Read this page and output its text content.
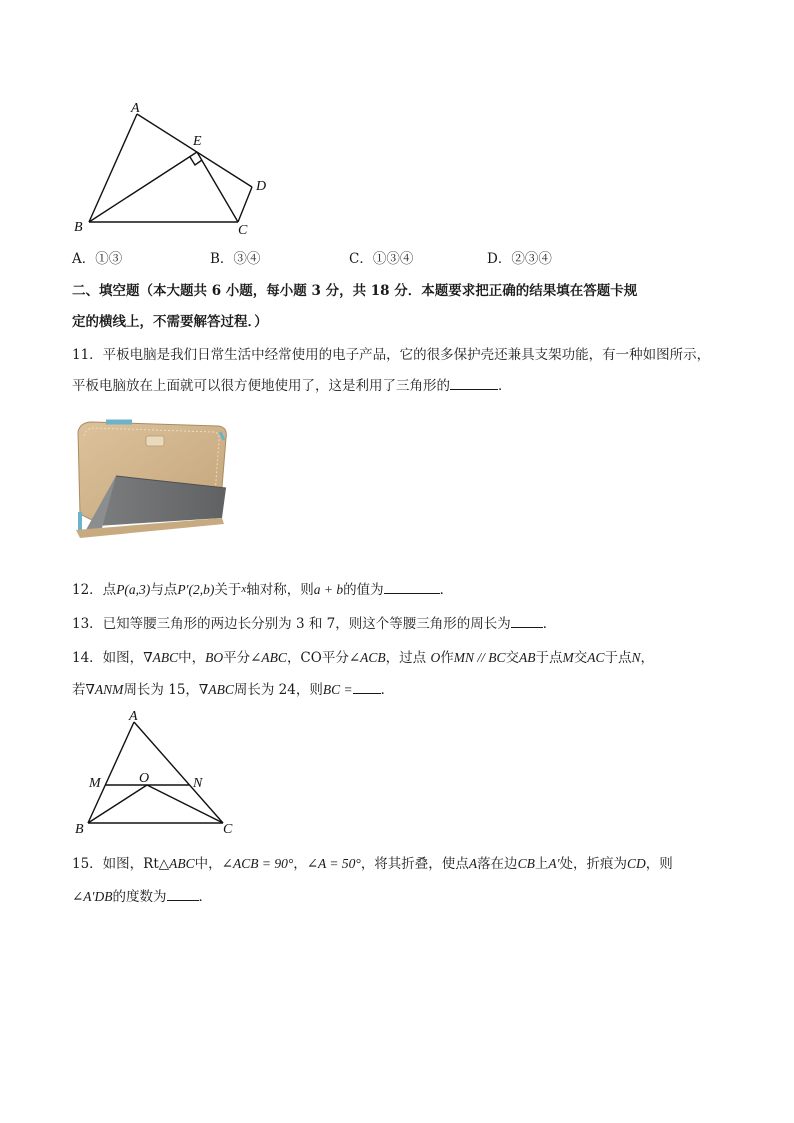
A
E
D
B	C
A．①③	B．③④	C．①③④	D．②③④
二、填空题（本大题共 6 小题，每小题 3 分，共 18 分．本题要求把正确的结果填在答题卡规
定的横线上，不需要解答过程．）
11．平板电脑是我们日常生活中经常使用的电子产品，它的很多保护壳还兼具支架功能，有一种如图所示，
平板电脑放在上面就可以很方便地使用了，这是利用了三角形的	．
12．点P(a,3)与点P′(2,b)关于x轴对称，则a + b的值为	．
13．已知等腰三角形的两边长分别为 3 和 7，则这个等腰三角形的周长为 ．
14．如图，∇ABC中，BO平分∠ABC，CO平分∠ACB，过点 O作MN // BC交AB于点M交AC于点N，
若∇ANM周长为 15，∇ABC周长为 24，则BC = ．
A
M	O	N
B	C
15．如图，Rt△ABC中，∠ACB = 90°，∠A = 50°，将其折叠，使点A落在边CB上A′处，折痕为CD，则
∠A′DB的度数为 ．
